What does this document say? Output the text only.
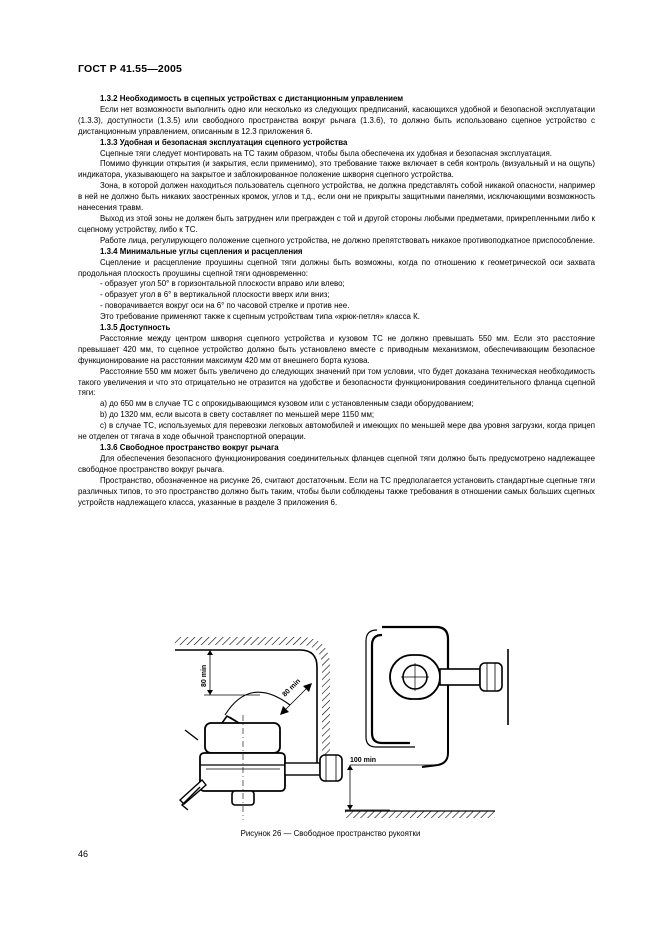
ГОСТ Р 41.55—2005

1.3.2 Необходимость в сцепных устройствах с дистанционным управлением

Если нет возможности выполнить одно или несколько из следующих предписаний, касающихся удобной и безопасной эксплуатации (1.3.3), доступности (1.3.5) или свободного пространства вокруг рычага (1.3.6), то должно быть использовано сцепное устройство с дистанционным управлением, описанным в 12.3 приложения 6.

1.3.3 Удобная и безопасная эксплуатация сцепного устройства

Сцепные тяги следует монтировать на ТС таким образом, чтобы была обеспечена их удобная и безопасная эксплуатация.

Помимо функции открытия (и закрытия, если применимо), это требование также включает в себя контроль (визуальный и на ощупь) индикатора, указывающего на закрытое и заблокированное положение шкворня сцепного устройства.

Зона, в которой должен находиться пользователь сцепного устройства, не должна представлять собой никакой опасности, например в ней не должно быть никаких заостренных кромок, углов и т.д., если они не прикрыты защитными панелями, исключающими возможность нанесения травм.

Выход из этой зоны не должен быть затруднен или прегражден с той и другой стороны любыми предметами, прикрепленными либо к сцепному устройству, либо к ТС.

Работе лица, регулирующего положение сцепного устройства, не должно препятствовать никакое противоподкатное приспособление.

1.3.4 Минимальные углы сцепления и расцепления

Сцепление и расцепление проушины сцепной тяги должны быть возможны, когда по отношению к геометрической оси захвата продольная плоскость проушины сцепной тяги одновременно:

- образует угол 50° в горизонтальной плоскости вправо или влево;

- образует угол в 6° в вертикальной плоскости вверх или вниз;

- поворачивается вокруг оси на 6° по часовой стрелке и против нее.

Это требование применяют также к сцепным устройствам типа «крюк-петля» класса К.

1.3.5 Доступность

Расстояние между центром шкворня сцепного устройства и кузовом ТС не должно превышать 550 мм. Если это расстояние превышает 420 мм, то сцепное устройство должно быть установлено вместе с приводным механизмом, обеспечивающим безопасное функционирование на расстоянии максимум 420 мм от внешнего борта кузова.

Расстояние 550 мм может быть увеличено до следующих значений при том условии, что будет доказана техническая необходимость такого увеличения и что это отрицательно не отразится на удобстве и безопасности функционирования соединительного фланца сцепной тяги:

a) до 650 мм в случае ТС с опрокидывающимся кузовом или с установленным сзади оборудованием;

b) до 1320 мм, если высота в свету составляет по меньшей мере 1150 мм;

c) в случае ТС, используемых для перевозки легковых автомобилей и имеющих по меньшей мере два уровня загрузки, когда прицеп не отделен от тягача в ходе обычной транспортной операции.

1.3.6 Свободное пространство вокруг рычага

Для обеспечения безопасного функционирования соединительных фланцев сцепной тяги должно быть предусмотрено надлежащее свободное пространство вокруг рычага.

Пространство, обозначенное на рисунке 26, считают достаточным. Если на ТС предполагается установить стандартные сцепные тяги различных типов, то это пространство должно быть таким, чтобы были соблюдены также требования в отношении самых больших сцепных устройств надлежащего класса, указанные в разделе 3 приложения 6.

80 min
80 min
100 min
Рисунок 26 — Свободное пространство рукоятки
46
